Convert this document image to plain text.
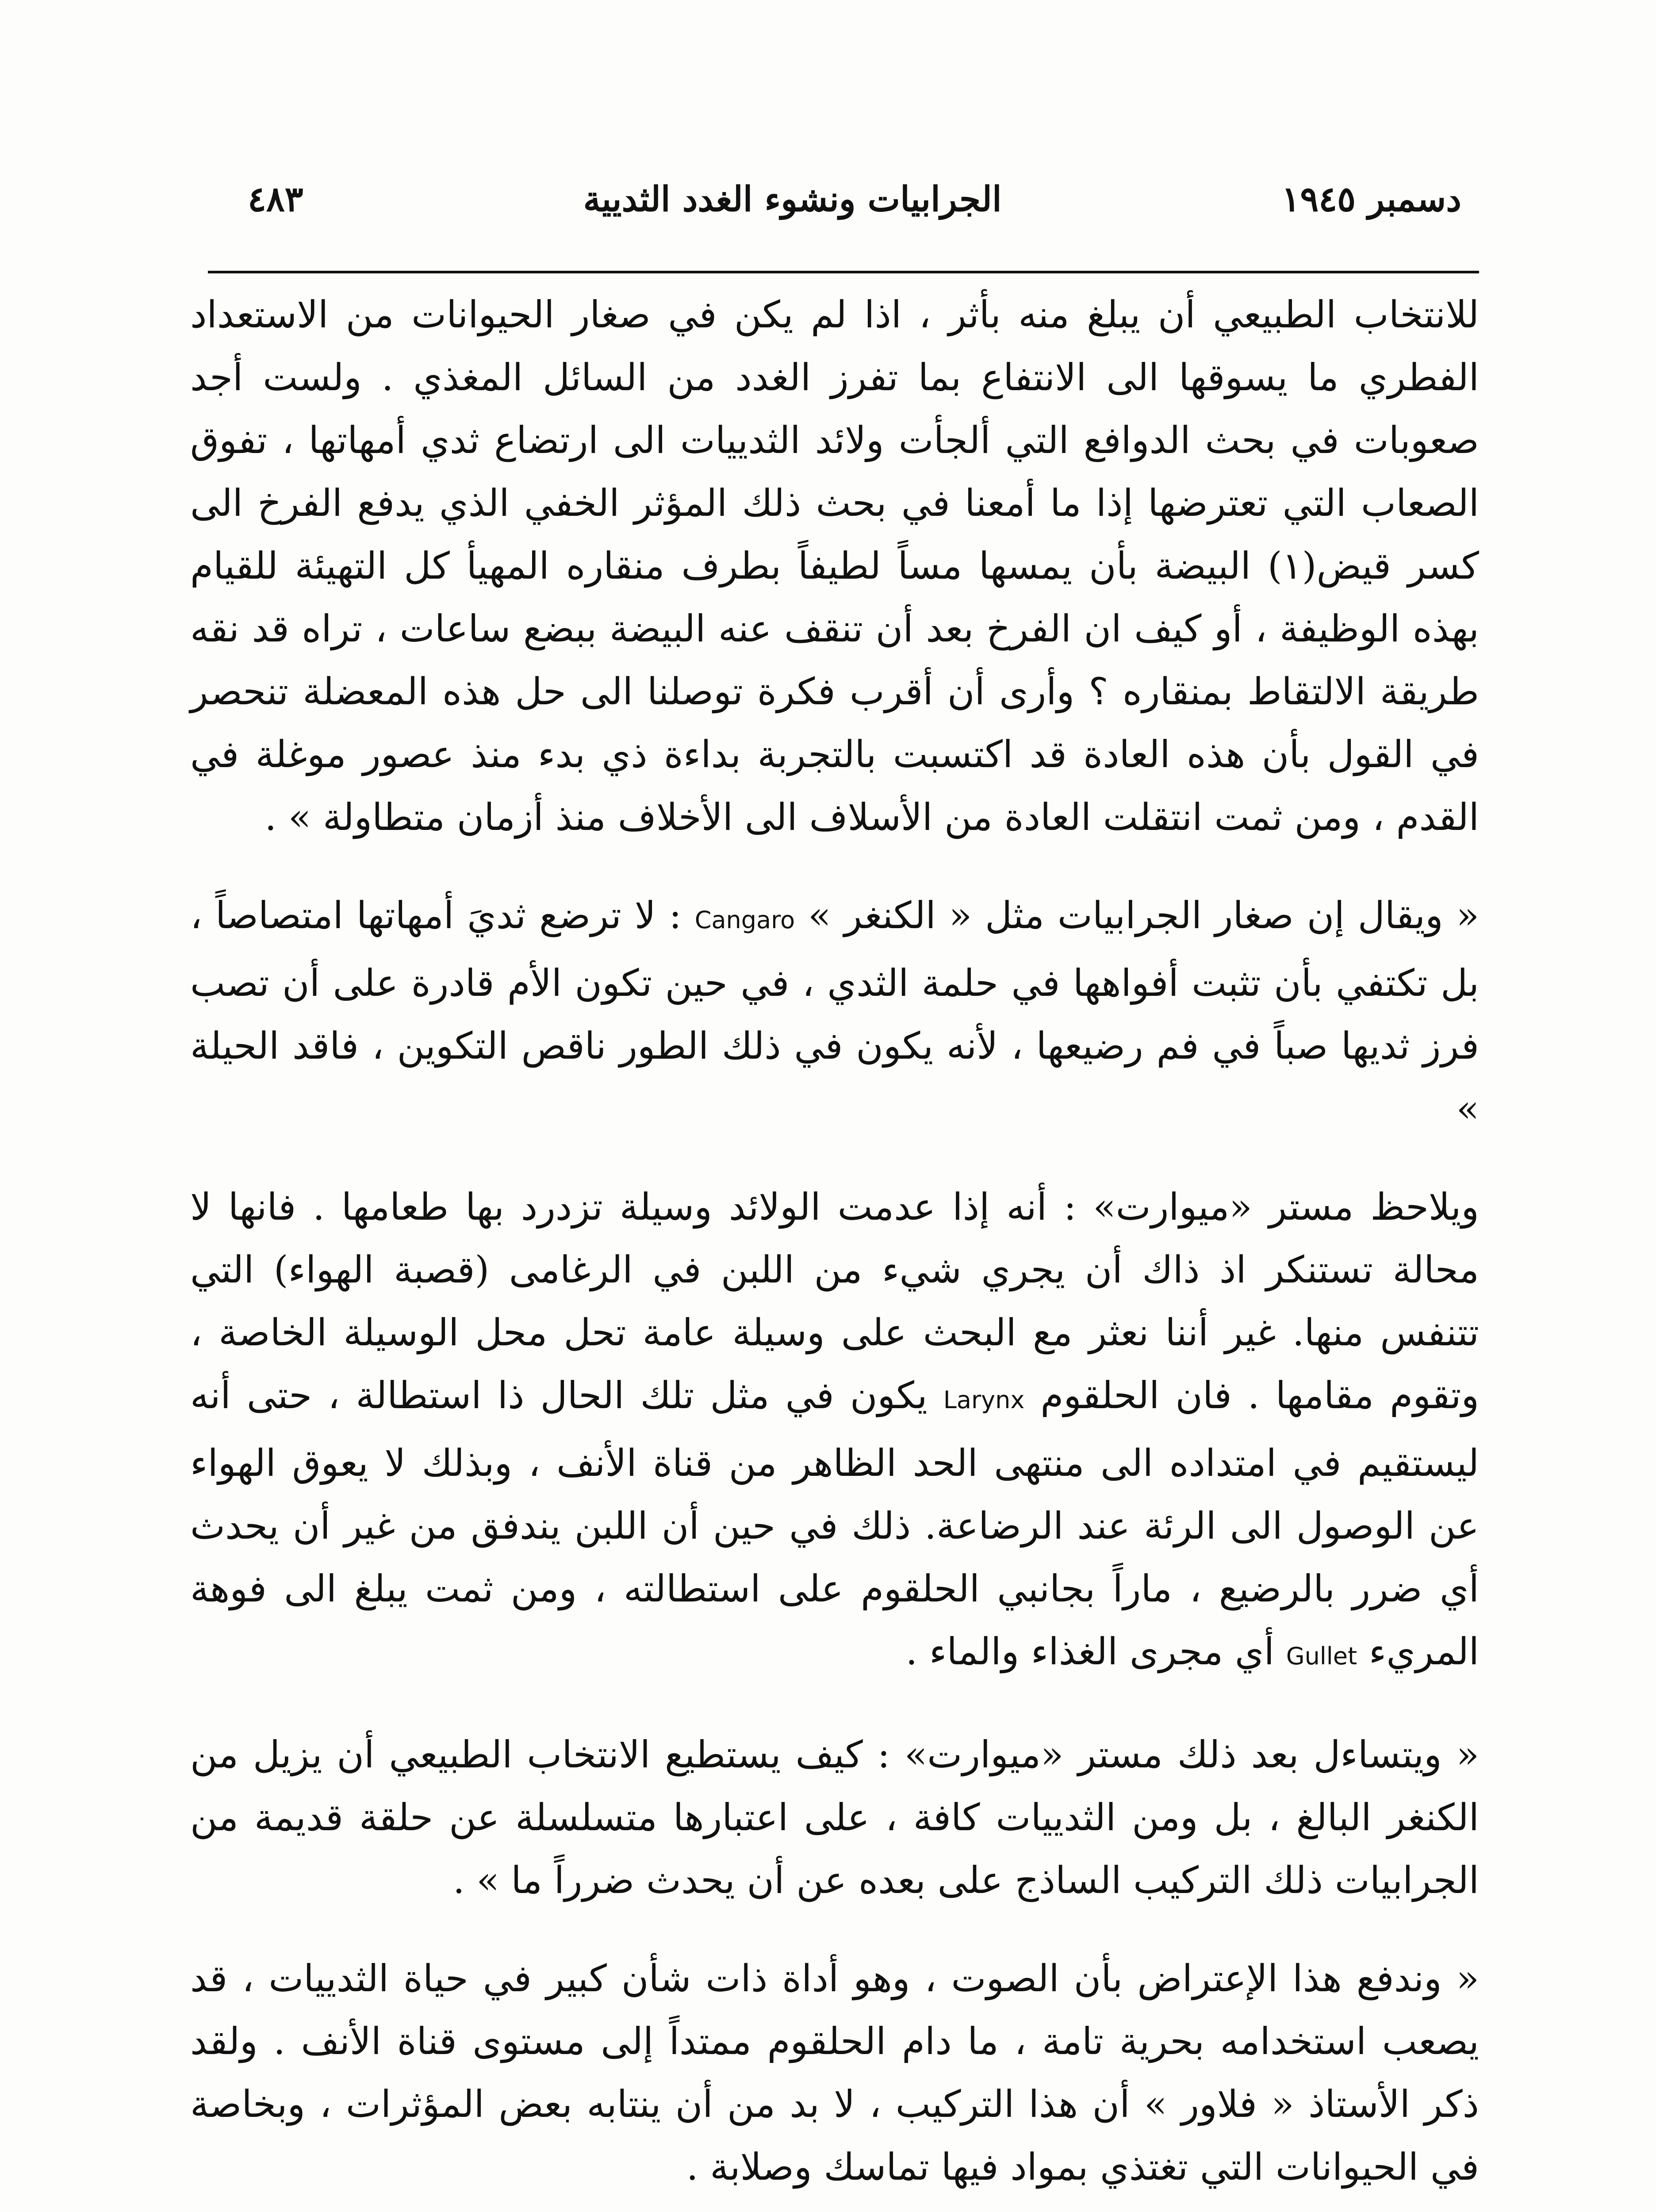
دسمبر ١٩٤٥
الجرابيات ونشوء الغدد الثديية
٤٨٣

للانتخاب الطبيعي أن يبلغ منه بأثر ، اذا لم يكن في صغار الحيوانات من الاستعداد الفطري ما يسوقها الى الانتفاع بما تفرز الغدد من السائل المغذي . ولست أجد صعوبات في بحث الدوافع التي ألجأت ولائد الثدييات الى ارتضاع ثدي أمهاتها ، تفوق الصعاب التي تعترضها إذا ما أمعنا في بحث ذلك المؤثر الخفي الذي يدفع الفرخ الى كسر قيض(١) البيضة بأن يمسها مساً لطيفاً بطرف منقاره المهيأ كل التهيئة للقيام بهذه الوظيفة ، أو كيف ان الفرخ بعد أن تنقف عنه البيضة ببضع ساعات ، تراه قد نقه طريقة الالتقاط بمنقاره ؟ وأرى أن أقرب فكرة توصلنا الى حل هذه المعضلة تنحصر في القول بأن هذه العادة قد اكتسبت بالتجربة بداءة ذي بدء منذ عصور موغلة في القدم ، ومن ثمت انتقلت العادة من الأسلاف الى الأخلاف منذ أزمان متطاولة » .

« ويقال إن صغار الجرابيات مثل « الكنغر » Cangaro : لا ترضع ثديَ أمهاتها امتصاصاً ، بل تكتفي بأن تثبت أفواهها في حلمة الثدي ، في حين تكون الأم قادرة على أن تصب فرز ثديها صباً في فم رضيعها ، لأنه يكون في ذلك الطور ناقص التكوين ، فاقد الحيلة »

ويلاحظ مستر «ميوارت» : أنه إذا عدمت الولائد وسيلة تزدرد بها طعامها . فانها لا محالة تستنكر اذ ذاك أن يجري شيء من اللبن في الرغامى (قصبة الهواء) التي تتنفس منها. غير أننا نعثر مع البحث على وسيلة عامة تحل محل الوسيلة الخاصة ، وتقوم مقامها . فان الحلقوم Larynx يكون في مثل تلك الحال ذا استطالة ، حتى أنه ليستقيم في امتداده الى منتهى الحد الظاهر من قناة الأنف ، وبذلك لا يعوق الهواء عن الوصول الى الرئة عند الرضاعة. ذلك في حين أن اللبن يندفق من غير أن يحدث أي ضرر بالرضيع ، ماراً بجانبي الحلقوم على استطالته ، ومن ثمت يبلغ الى فوهة المريء Gullet أي مجرى الغذاء والماء .

« ويتساءل بعد ذلك مستر «ميوارت» : كيف يستطيع الانتخاب الطبيعي أن يزيل من الكنغر البالغ ، بل ومن الثدييات كافة ، على اعتبارها متسلسلة عن حلقة قديمة من الجرابيات ذلك التركيب الساذج على بعده عن أن يحدث ضرراً ما » .

« وندفع هذا الإعتراض بأن الصوت ، وهو أداة ذات شأن كبير في حياة الثدييات ، قد يصعب استخدامه بحرية تامة ، ما دام الحلقوم ممتداً إلى مستوى قناة الأنف . ولقد ذكر الأستاذ « فلاور » أن هذا التركيب ، لا بد من أن ينتابه بعض المؤثرات ، وبخاصة في الحيوانات التي تغتذي بمواد فيها تماسك وصلابة .
